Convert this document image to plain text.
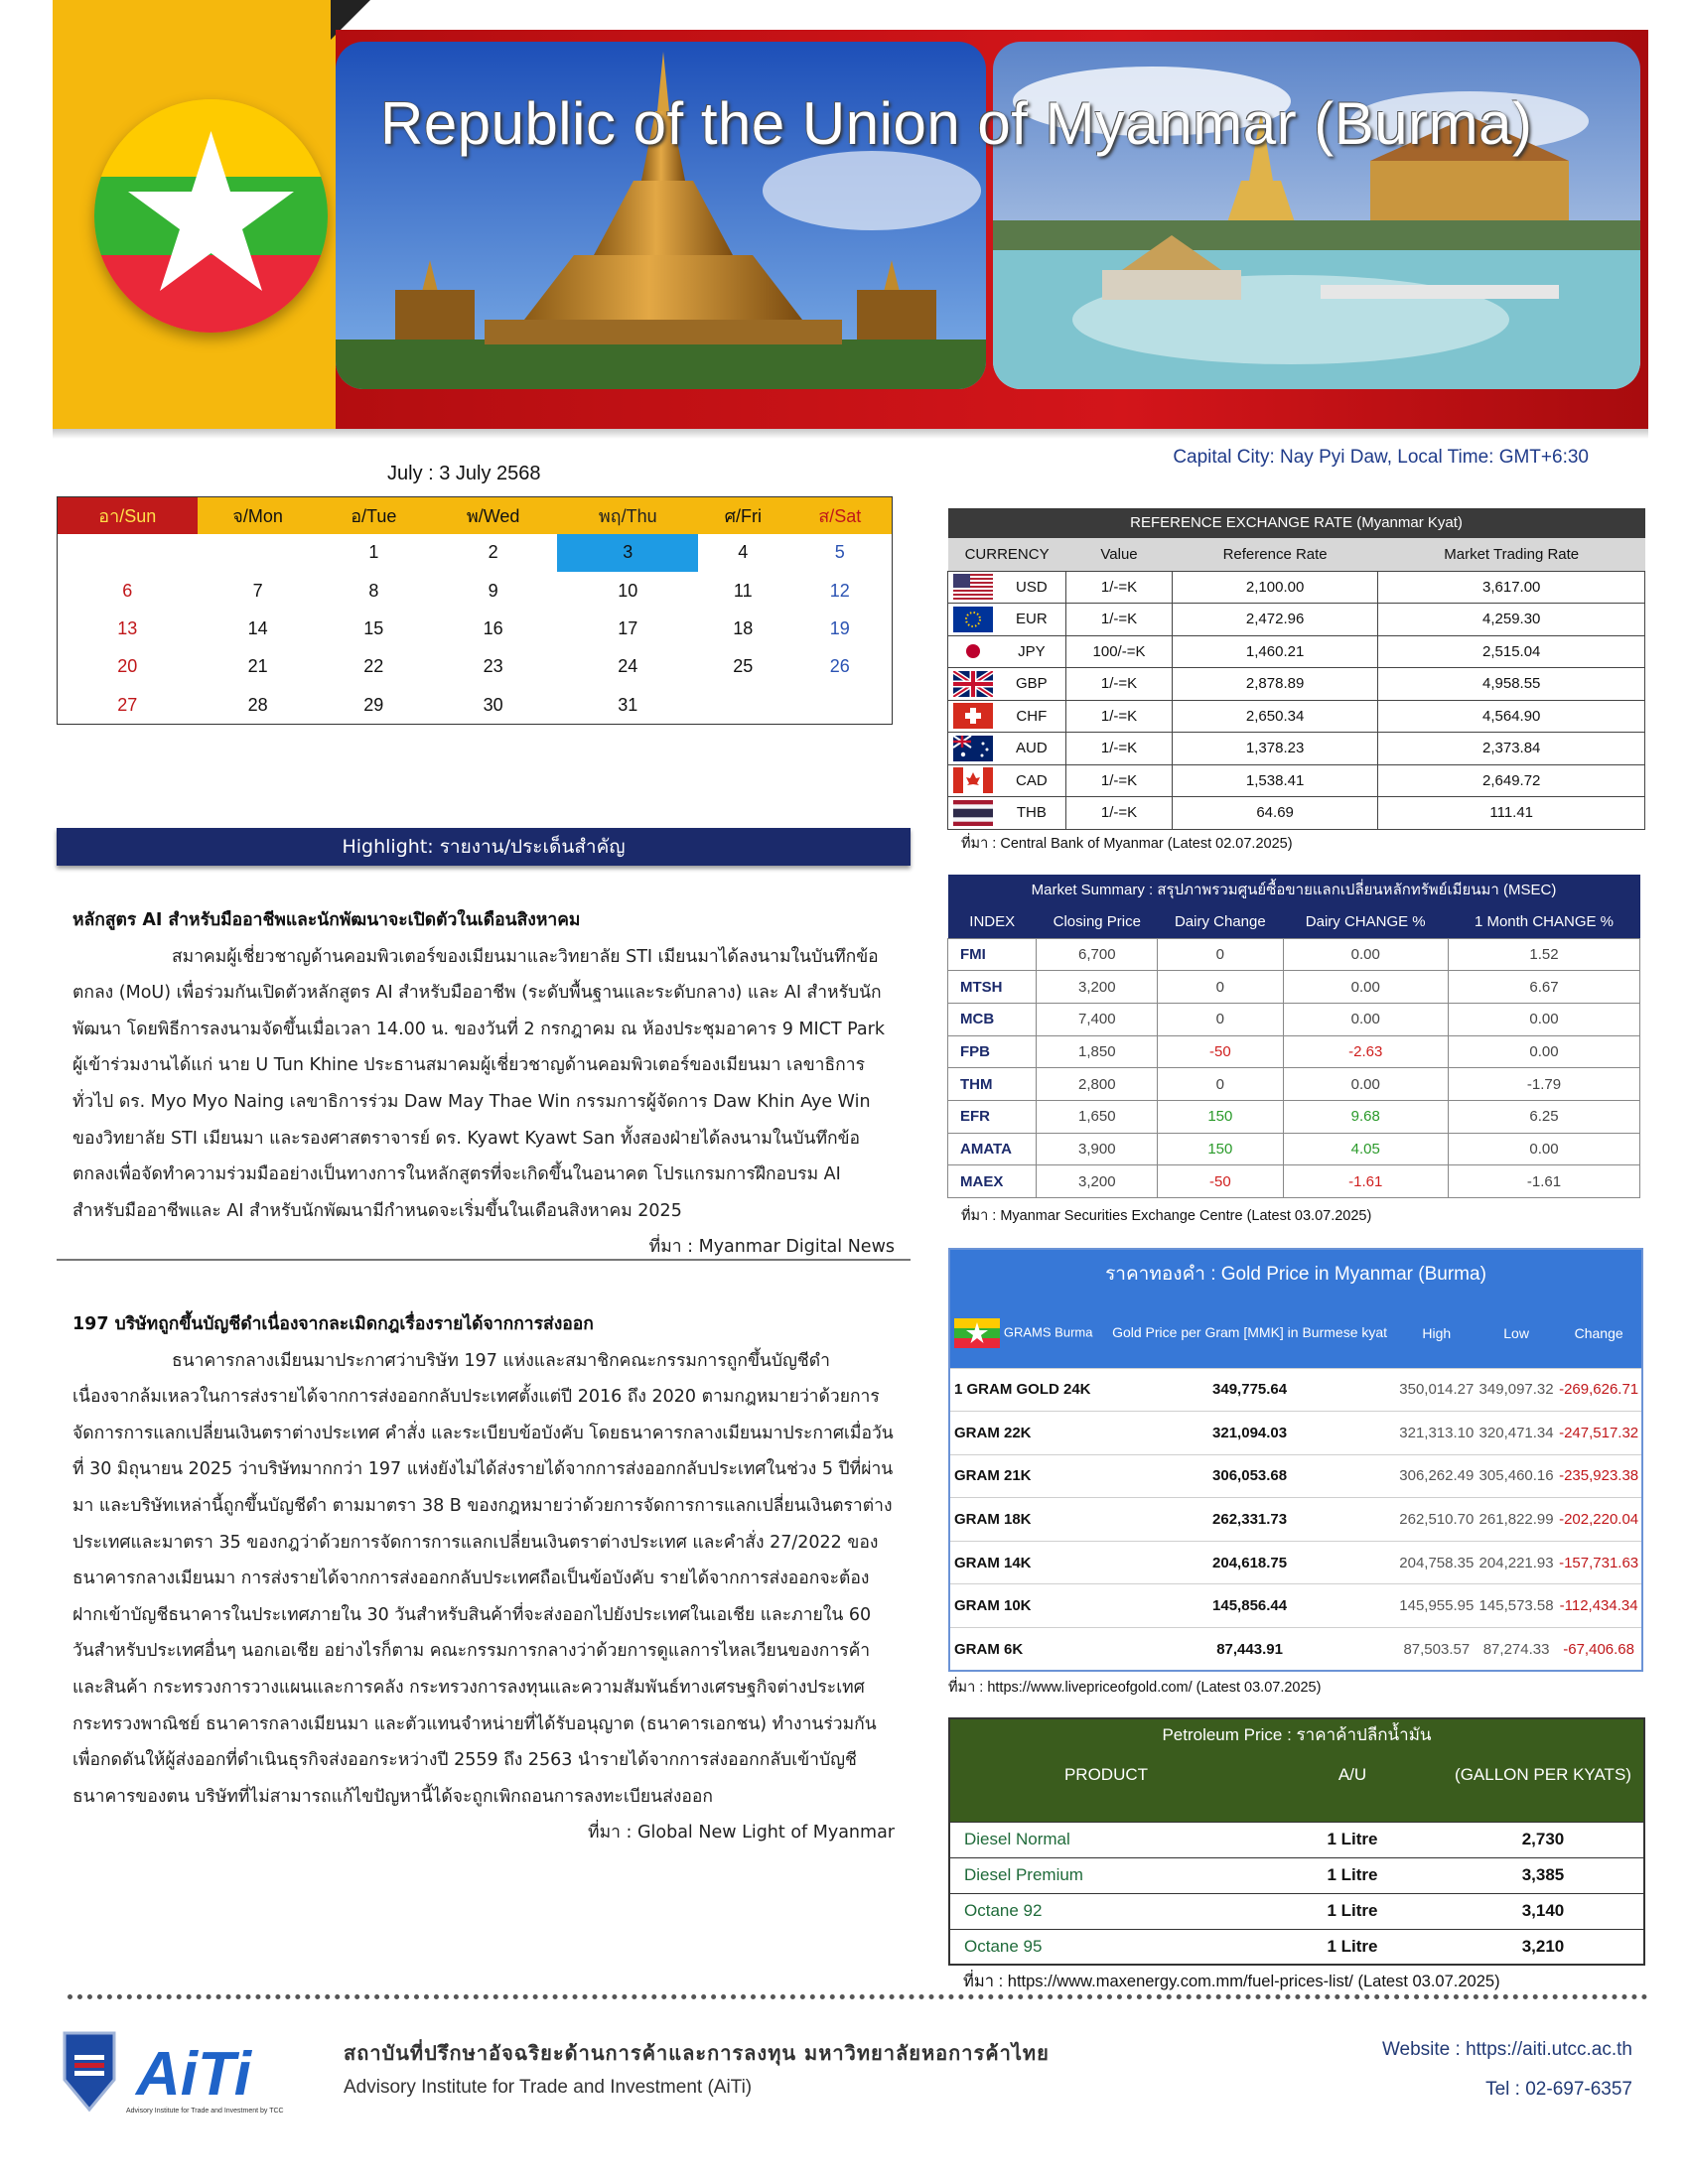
Republic of the Union of Myanmar (Burma)
Capital City: Nay Pyi Daw, Local Time: GMT+6:30
July : 3 July 2568
อา/Sun	จ/Mon	อ/Tue	พ/Wed	พฤ/Thu	ศ/Fri	ส/Sat
		1	2	3	4	5
6	7	8	9	10	11	12
13	14	15	16	17	18	19
20	21	22	23	24	25	26
27	28	29	30	31		
Highlight: รายงาน/ประเด็นสำคัญ
หลักสูตร AI สำหรับมืออาชีพและนักพัฒนาจะเปิดตัวในเดือนสิงหาคม

สมาคมผู้เชี่ยวชาญด้านคอมพิวเตอร์ของเมียนมาและวิทยาลัย STI เมียนมาได้ลงนามในบันทึกข้อตกลง (MoU) เพื่อร่วมกันเปิดตัวหลักสูตร AI สำหรับมืออาชีพ (ระดับพื้นฐานและระดับกลาง) และ AI สำหรับนักพัฒนา โดยพิธีการลงนามจัดขึ้นเมื่อเวลา 14.00 น. ของวันที่ 2 กรกฎาคม ณ ห้องประชุมอาคาร 9 MICT Park ผู้เข้าร่วมงานได้แก่ นาย U Tun Khine ประธานสมาคมผู้เชี่ยวชาญด้านคอมพิวเตอร์ของเมียนมา เลขาธิการทั่วไป ดร. Myo Myo Naing เลขาธิการร่วม Daw May Thae Win กรรมการผู้จัดการ Daw Khin Aye Win ของวิทยาลัย STI เมียนมา และรองศาสตราจารย์ ดร. Kyawt Kyawt San ทั้งสองฝ่ายได้ลงนามในบันทึกข้อตกลงเพื่อจัดทำความร่วมมืออย่างเป็นทางการในหลักสูตรที่จะเกิดขึ้นในอนาคต โปรแกรมการฝึกอบรม AI สำหรับมืออาชีพและ AI สำหรับนักพัฒนามีกำหนดจะเริ่มขึ้นในเดือนสิงหาคม 2025

ที่มา : Myanmar Digital News
197 บริษัทถูกขึ้นบัญชีดำเนื่องจากละเมิดกฎเรื่องรายได้จากการส่งออก

ธนาคารกลางเมียนมาประกาศว่าบริษัท 197 แห่งและสมาชิกคณะกรรมการถูกขึ้นบัญชีดำเนื่องจากล้มเหลวในการส่งรายได้จากการส่งออกกลับประเทศตั้งแต่ปี 2016 ถึง 2020 ตามกฎหมายว่าด้วยการจัดการการแลกเปลี่ยนเงินตราต่างประเทศ คำสั่ง และระเบียบข้อบังคับ โดยธนาคารกลางเมียนมาประกาศเมื่อวันที่ 30 มิถุนายน 2025 ว่าบริษัทมากกว่า 197 แห่งยังไม่ได้ส่งรายได้จากการส่งออกกลับประเทศในช่วง 5 ปีที่ผ่านมา และบริษัทเหล่านี้ถูกขึ้นบัญชีดำ ตามมาตรา 38 B ของกฎหมายว่าด้วยการจัดการการแลกเปลี่ยนเงินตราต่างประเทศและมาตรา 35 ของกฎว่าด้วยการจัดการการแลกเปลี่ยนเงินตราต่างประเทศ และคำสั่ง 27/2022 ของธนาคารกลางเมียนมา การส่งรายได้จากการส่งออกกลับประเทศถือเป็นข้อบังคับ รายได้จากการส่งออกจะต้องฝากเข้าบัญชีธนาคารในประเทศภายใน 30 วันสำหรับสินค้าที่จะส่งออกไปยังประเทศในเอเชีย และภายใน 60 วันสำหรับประเทศอื่นๆ นอกเอเชีย อย่างไรก็ตาม คณะกรรมการกลางว่าด้วยการดูแลการไหลเวียนของการค้าและสินค้า กระทรวงการวางแผนและการคลัง กระทรวงการลงทุนและความสัมพันธ์ทางเศรษฐกิจต่างประเทศ กระทรวงพาณิชย์ ธนาคารกลางเมียนมา และตัวแทนจำหน่ายที่ได้รับอนุญาต (ธนาคารเอกชน) ทำงานร่วมกันเพื่อกดดันให้ผู้ส่งออกที่ดำเนินธุรกิจส่งออกระหว่างปี 2559 ถึง 2563 นำรายได้จากการส่งออกกลับเข้าบัญชีธนาคารของตน บริษัทที่ไม่สามารถแก้ไขปัญหานี้ได้จะถูกเพิกถอนการลงทะเบียนส่งออก

ที่มา : Global New Light of Myanmar
REFERENCE EXCHANGE RATE (Myanmar Kyat)				
CURRENCY		Value	Reference Rate	Market Trading Rate
	USD	1/-=K	2,100.00	3,617.00
	EUR	1/-=K	2,472.96	4,259.30
	JPY	100/-=K	1,460.21	2,515.04
	GBP	1/-=K	2,878.89	4,958.55
	CHF	1/-=K	2,650.34	4,564.90
	AUD	1/-=K	1,378.23	2,373.84
	CAD	1/-=K	1,538.41	2,649.72
	THB	1/-=K	64.69	111.41
ที่มา : Central Bank of Myanmar (Latest 02.07.2025)
Market Summary : สรุปภาพรวมศูนย์ซื้อขายแลกเปลี่ยนหลักทรัพย์เมียนมา (MSEC)				
INDEX	Closing Price	Dairy Change	Dairy CHANGE %	1 Month CHANGE %
FMI	6,700	0	0.00	1.52
MTSH	3,200	0	0.00	6.67
MCB	7,400	0	0.00	0.00
FPB	1,850	-50	-2.63	0.00
THM	2,800	0	0.00	-1.79
EFR	1,650	150	9.68	6.25
AMATA	3,900	150	4.05	0.00
MAEX	3,200	-50	-1.61	-1.61
ที่มา : Myanmar Securities Exchange Centre (Latest 03.07.2025)
ราคาทองคำ : Gold Price in Myanmar (Burma)				
GRAMS Burma	Gold Price per Gram [MMK] in Burmese kyat	High	Low	Change
1 GRAM GOLD 24K	349,775.64	350,014.27	349,097.32	-269,626.71
GRAM 22K	321,094.03	321,313.10	320,471.34	-247,517.32
GRAM 21K	306,053.68	306,262.49	305,460.16	-235,923.38
GRAM 18K	262,331.73	262,510.70	261,822.99	-202,220.04
GRAM 14K	204,618.75	204,758.35	204,221.93	-157,731.63
GRAM 10K	145,856.44	145,955.95	145,573.58	-112,434.34
GRAM 6K	87,443.91	87,503.57	87,274.33	-67,406.68
ที่มา : https://www.livepriceofgold.com/ (Latest 03.07.2025)
Petroleum Price : ราคาค้าปลีกน้ำมัน		
PRODUCT	A/U	(GALLON PER KYATS)
Diesel Normal	1 Litre	2,730
Diesel Premium	1 Litre	3,385
Octane 92	1 Litre	3,140
Octane 95	1 Litre	3,210
ที่มา : https://www.maxenergy.com.mm/fuel-prices-list/ (Latest 03.07.2025)
AiTi
Advisory Institute for Trade and Investment by TCC
สถาบันที่ปรึกษาอัจฉริยะด้านการค้าและการลงทุน มหาวิทยาลัยหอการค้าไทย
Advisory Institute for Trade and Investment (AiTi)
Website : https://aiti.utcc.ac.th
Tel : 02-697-6357
